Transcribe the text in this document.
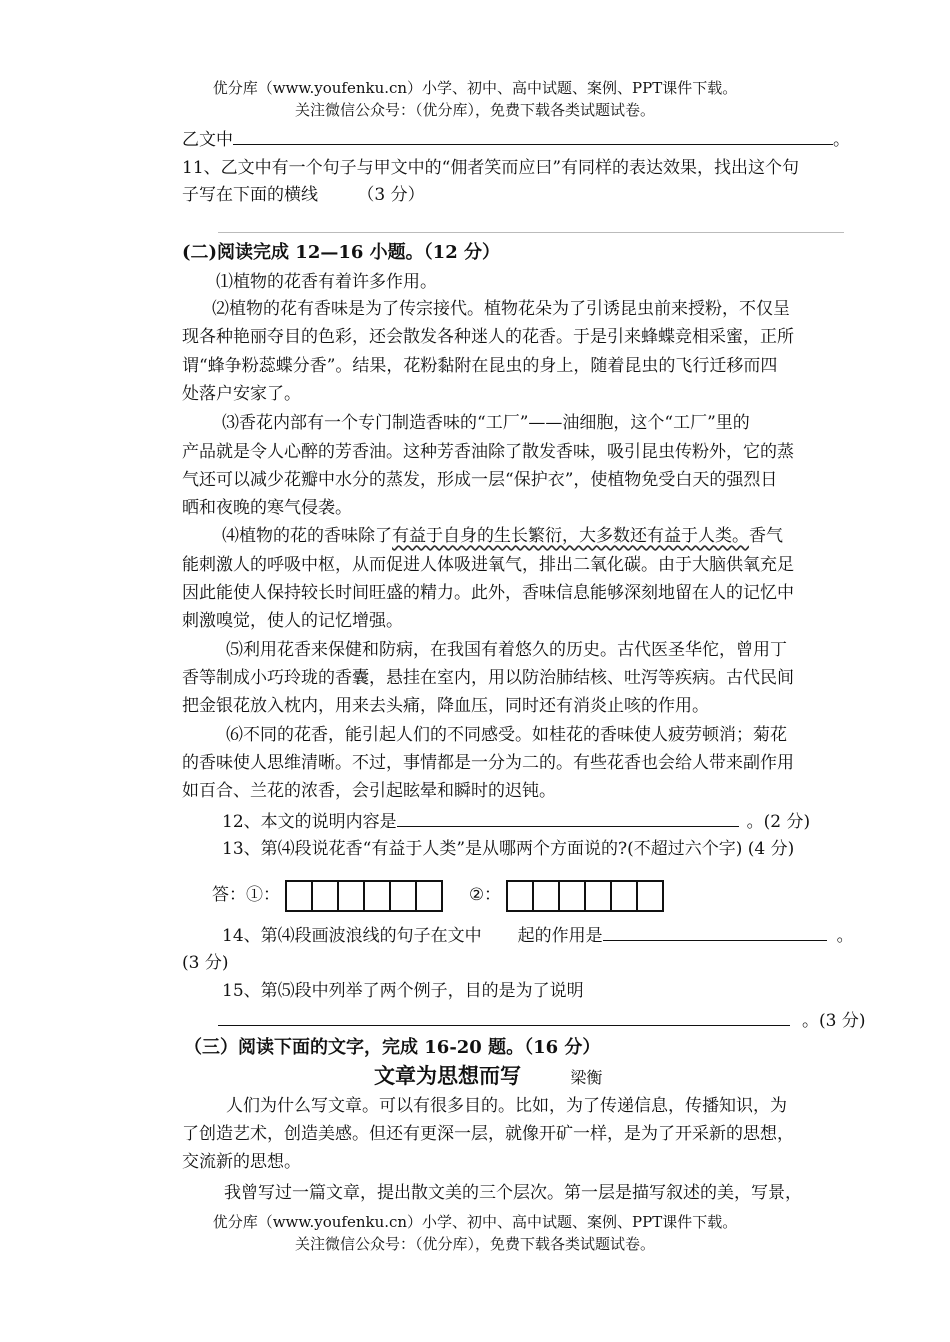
优分库（www.youfenku.cn）小学、初中、高中试题、案例、PPT课件下载。
关注微信公众号：（优分库），免费下载各类试题试卷。
乙文中	。
11、乙文中有一个句子与甲文中的“佣者笑而应曰”有同样的表达效果，找出这个句
子写在下面的横线 （3 分）
(二)阅读完成 12—16 小题。（12 分）
⑴植物的花香有着许多作用。
⑵植物的花有香味是为了传宗接代。植物花朵为了引诱昆虫前来授粉，不仅呈
现各种艳丽夺目的色彩，还会散发各种迷人的花香。于是引来蜂蝶竞相采蜜，正所
谓“蜂争粉蕊蝶分香”。结果，花粉黏附在昆虫的身上，随着昆虫的飞行迁移而四
处落户安家了。
⑶香花内部有一个专门制造香味的“工厂”——油细胞，这个“工厂”里的
产品就是令人心醉的芳香油。这种芳香油除了散发香味，吸引昆虫传粉外，它的蒸
气还可以减少花瓣中水分的蒸发，形成一层“保护衣”，使植物免受白天的强烈日
晒和夜晚的寒气侵袭。
⑷植物的花的香味除了有益于自身的生长繁衍，大多数还有益于人类。香气
能刺激人的呼吸中枢，从而促进人体吸进氧气，排出二氧化碳。由于大脑供氧充足
因此能使人保持较长时间旺盛的精力。此外，香味信息能够深刻地留在人的记忆中
刺激嗅觉，使人的记忆增强。
⑸利用花香来保健和防病，在我国有着悠久的历史。古代医圣华佗，曾用丁
香等制成小巧玲珑的香囊，悬挂在室内，用以防治肺结核、吐泻等疾病。古代民间
把金银花放入枕内，用来去头痛，降血压，同时还有消炎止咳的作用。
⑹不同的花香，能引起人们的不同感受。如桂花的香味使人疲劳顿消；菊花
的香味使人思维清晰。不过，事情都是一分为二的。有些花香也会给人带来副作用
如百合、兰花的浓香，会引起眩晕和瞬时的迟钝。
12、本文的说明内容是	。(2 分)
13、第⑷段说花香“有益于人类”是从哪两个方面说的?(不超过六个字) (4 分)
答：①：	②：
14、第⑷段画波浪线的句子在文中 起的作用是	。
(3 分)
15、第⑸段中列举了两个例子，目的是为了说明
。(3 分)
（三）阅读下面的文字，完成 16-20 题。（16 分）
文章为思想而写	梁衡
人们为什么写文章。可以有很多目的。比如，为了传递信息，传播知识，为
了创造艺术，创造美感。但还有更深一层，就像开矿一样，是为了开采新的思想，
交流新的思想。
我曾写过一篇文章，提出散文美的三个层次。第一层是描写叙述的美，写景，
优分库（www.youfenku.cn）小学、初中、高中试题、案例、PPT课件下载。
关注微信公众号：（优分库），免费下载各类试题试卷。
